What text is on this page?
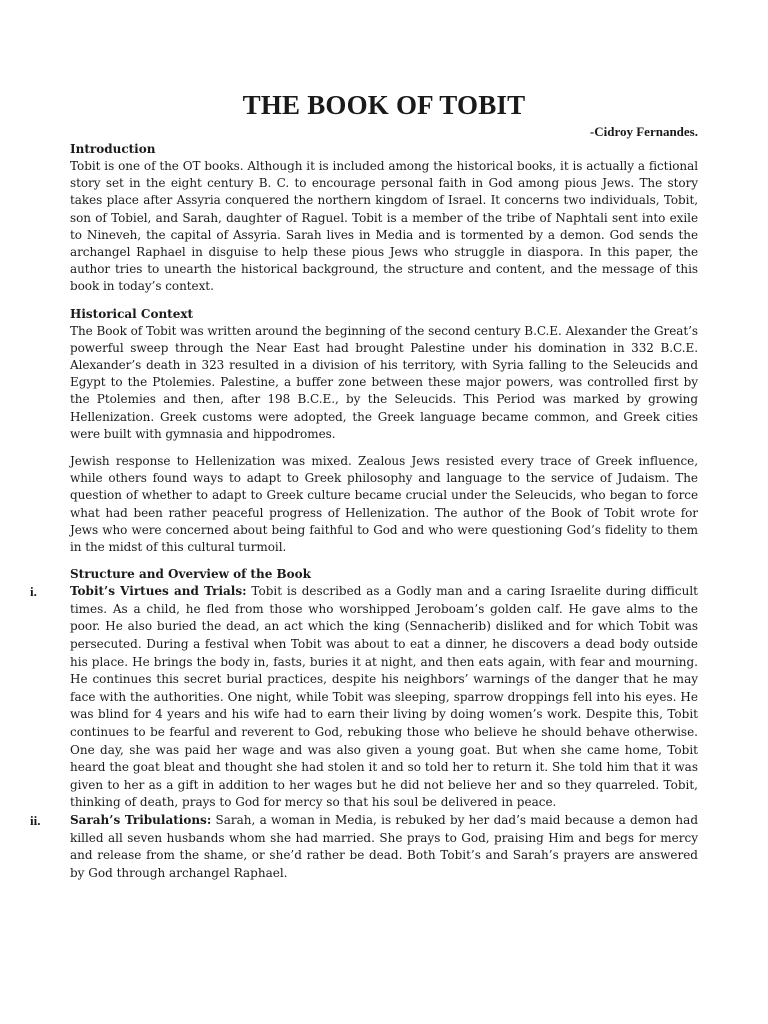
THE BOOK OF TOBIT
-Cidroy Fernandes.
Introduction

Tobit is one of the OT books. Although it is included among the historical books, it is actually a fictional story set in the eight century B. C. to encourage personal faith in God among pious Jews. The story takes place after Assyria conquered the northern kingdom of Israel. It concerns two individuals, Tobit, son of Tobiel, and Sarah, daughter of Raguel. Tobit is a member of the tribe of Naphtali sent into exile to Nineveh, the capital of Assyria. Sarah lives in Media and is tormented by a demon. God sends the archangel Raphael in disguise to help these pious Jews who struggle in diaspora. In this paper, the author tries to unearth the historical background, the structure and content, and the message of this book in today’s context.

Historical Context

The Book of Tobit was written around the beginning of the second century B.C.E. Alexander the Great’s powerful sweep through the Near East had brought Palestine under his domination in 332 B.C.E. Alexander’s death in 323 resulted in a division of his territory, with Syria falling to the Seleucids and Egypt to the Ptolemies. Palestine, a buffer zone between these major powers, was controlled first by the Ptolemies and then, after 198 B.C.E., by the Seleucids. This Period was marked by growing Hellenization. Greek customs were adopted, the Greek language became common, and Greek cities were built with gymnasia and hippodromes.

Jewish response to Hellenization was mixed. Zealous Jews resisted every trace of Greek influence, while others found ways to adapt to Greek philosophy and language to the service of Judaism. The question of whether to adapt to Greek culture became crucial under the Seleucids, who began to force what had been rather peaceful progress of Hellenization. The author of the Book of Tobit wrote for Jews who were concerned about being faithful to God and who were questioning God’s fidelity to them in the midst of this cultural turmoil.

Structure and Overview of the Book
i.	Tobit’s Virtues and Trials: Tobit is described as a Godly man and a caring Israelite during difficult times. As a child, he fled from those who worshipped Jeroboam’s golden calf. He gave alms to the poor. He also buried the dead, an act which the king (Sennacherib) disliked and for which Tobit was persecuted. During a festival when Tobit was about to eat a dinner, he discovers a dead body outside his place. He brings the body in, fasts, buries it at night, and then eats again, with fear and mourning. He continues this secret burial practices, despite his neighbors’ warnings of the danger that he may face with the authorities. One night, while Tobit was sleeping, sparrow droppings fell into his eyes. He was blind for 4 years and his wife had to earn their living by doing women’s work. Despite this, Tobit continues to be fearful and reverent to God, rebuking those who believe he should behave otherwise. One day, she was paid her wage and was also given a young goat. But when she came home, Tobit heard the goat bleat and thought she had stolen it and so told her to return it. She told him that it was given to her as a gift in addition to her wages but he did not believe her and so they quarreled. Tobit, thinking of death, prays to God for mercy so that his soul be delivered in peace.
ii.	Sarah’s Tribulations: Sarah, a woman in Media, is rebuked by her dad’s maid because a demon had killed all seven husbands whom she had married. She prays to God, praising Him and begs for mercy and release from the shame, or she’d rather be dead. Both Tobit’s and Sarah’s prayers are answered by God through archangel Raphael.
